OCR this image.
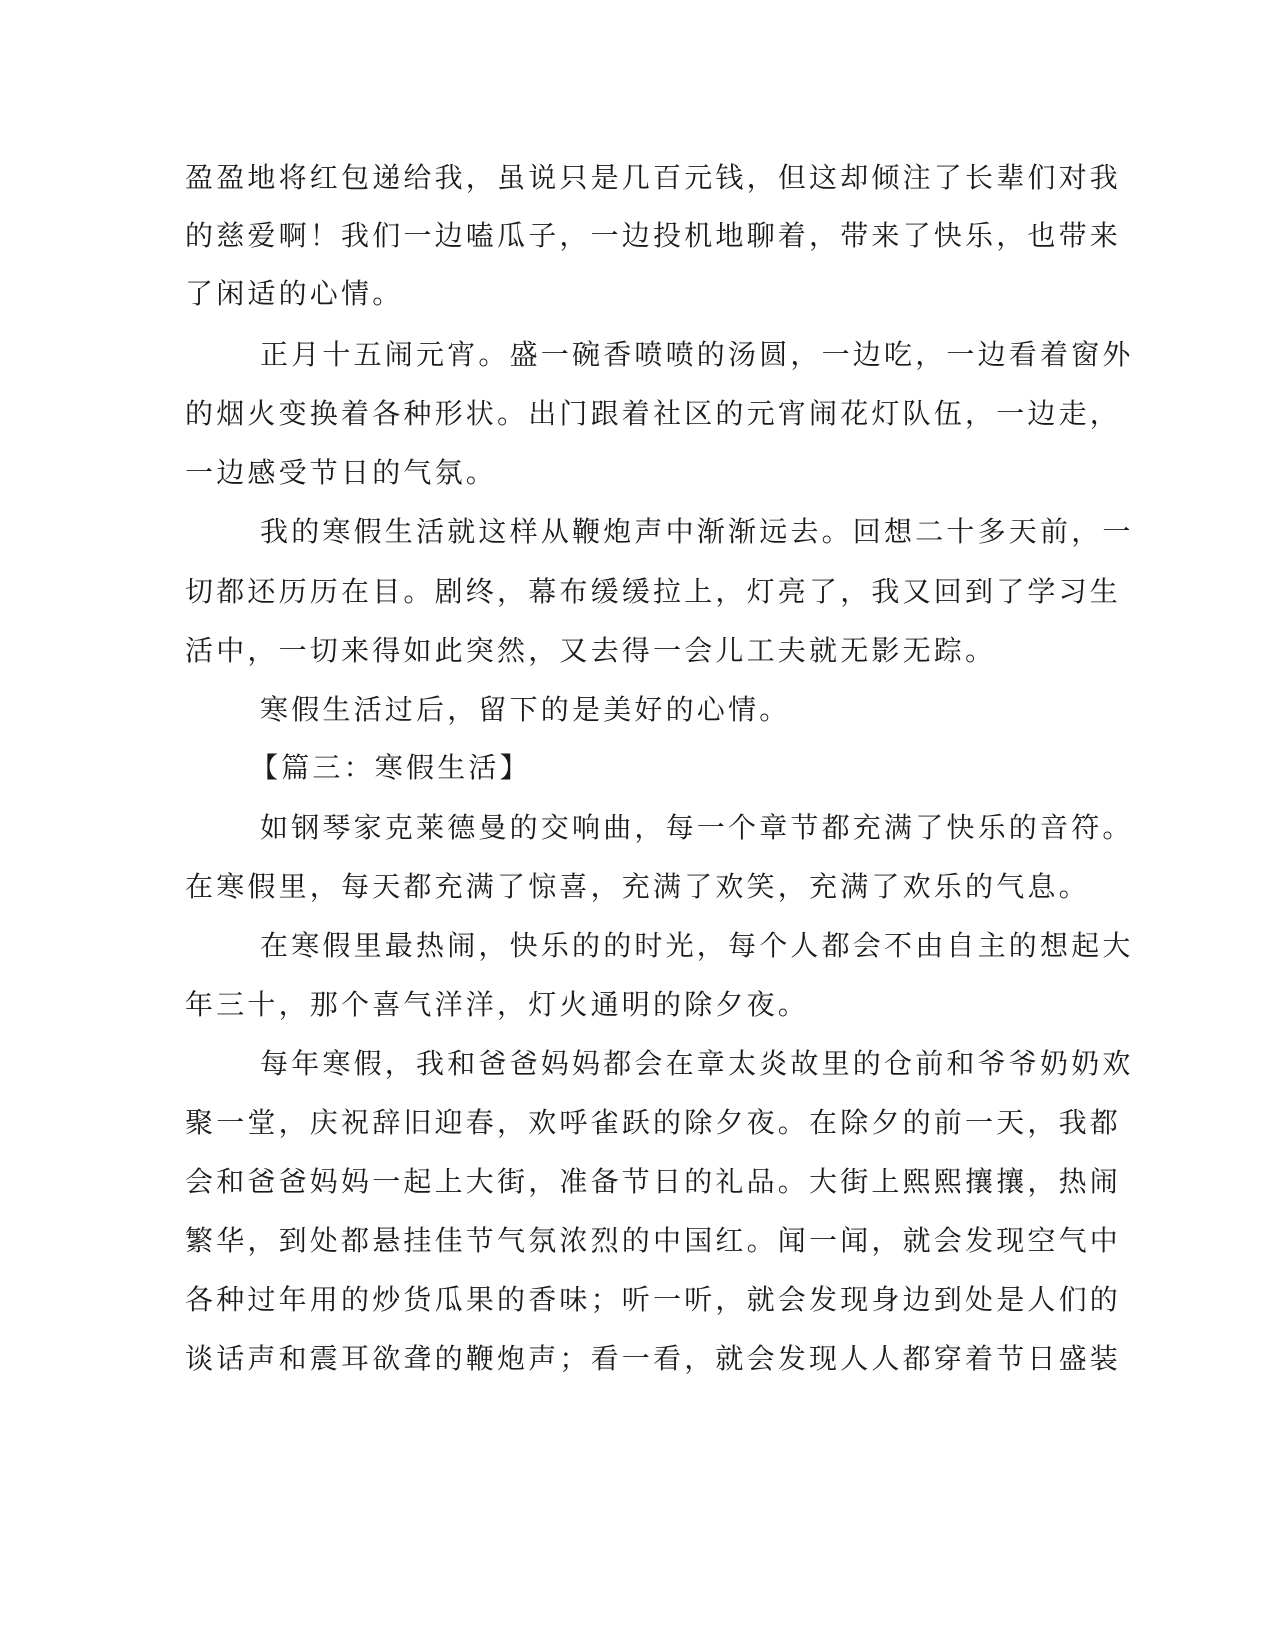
盈盈地将红包递给我，虽说只是几百元钱，但这却倾注了长辈们对我
的慈爱啊！我们一边嗑瓜子，一边投机地聊着，带来了快乐，也带来
了闲适的心情。
正月十五闹元宵。盛一碗香喷喷的汤圆，一边吃，一边看着窗外
的烟火变换着各种形状。出门跟着社区的元宵闹花灯队伍，一边走，
一边感受节日的气氛。
我的寒假生活就这样从鞭炮声中渐渐远去。回想二十多天前，一
切都还历历在目。剧终，幕布缓缓拉上，灯亮了，我又回到了学习生
活中，一切来得如此突然，又去得一会儿工夫就无影无踪。
寒假生活过后，留下的是美好的心情。
【篇三：寒假生活】
如钢琴家克莱德曼的交响曲，每一个章节都充满了快乐的音符。
在寒假里，每天都充满了惊喜，充满了欢笑，充满了欢乐的气息。
在寒假里最热闹，快乐的的时光，每个人都会不由自主的想起大
年三十，那个喜气洋洋，灯火通明的除夕夜。
每年寒假，我和爸爸妈妈都会在章太炎故里的仓前和爷爷奶奶欢
聚一堂，庆祝辞旧迎春，欢呼雀跃的除夕夜。在除夕的前一天，我都
会和爸爸妈妈一起上大街，准备节日的礼品。大街上熙熙攘攘，热闹
繁华，到处都悬挂佳节气氛浓烈的中国红。闻一闻，就会发现空气中
各种过年用的炒货瓜果的香味；听一听，就会发现身边到处是人们的
谈话声和震耳欲聋的鞭炮声；看一看，就会发现人人都穿着节日盛装
